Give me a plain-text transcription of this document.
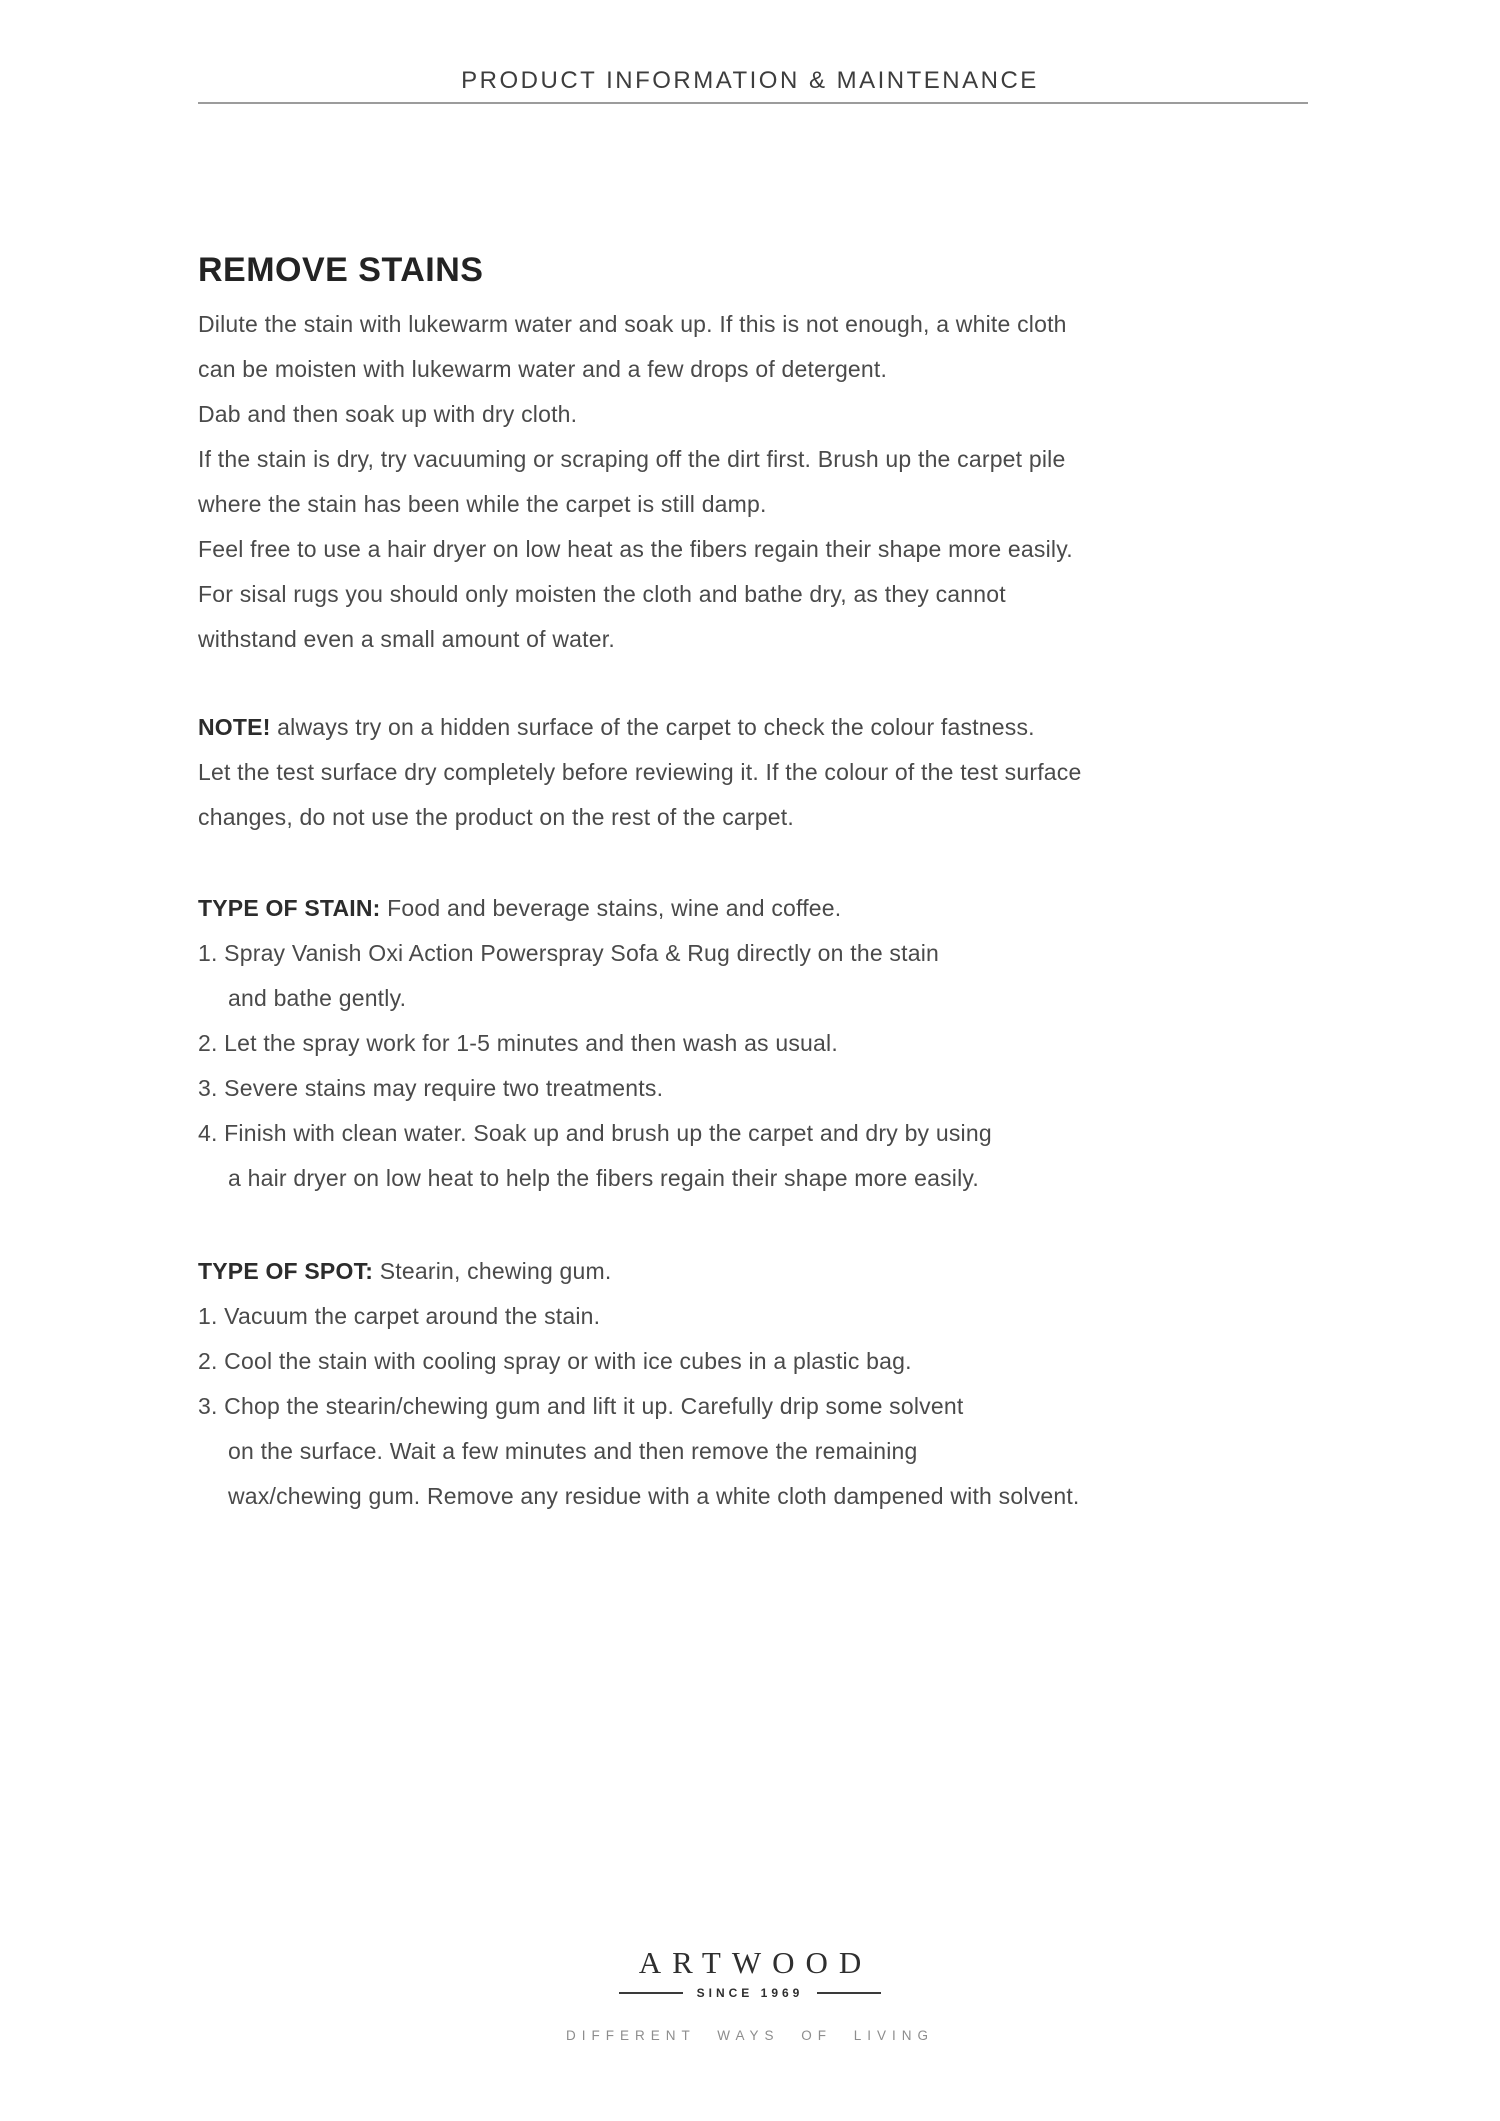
PRODUCT INFORMATION & MAINTENANCE
REMOVE STAINS
Dilute the stain with lukewarm water and soak up. If this is not enough, a white cloth
can be moisten with lukewarm water and a few drops of detergent.
Dab and then soak up with dry cloth.
If the stain is dry, try vacuuming or scraping off the dirt first. Brush up the carpet pile
where the stain has been while the carpet is still damp.
Feel free to use a hair dryer on low heat as the fibers regain their shape more easily.
For sisal rugs you should only moisten the cloth and bathe dry, as they cannot
withstand even a small amount of water.
NOTE! always try on a hidden surface of the carpet to check the colour fastness.
Let the test surface dry completely before reviewing it. If the colour of the test surface
changes, do not use the product on the rest of the carpet.
TYPE OF STAIN: Food and beverage stains, wine and coffee.
1. Spray Vanish Oxi Action Powerspray Sofa & Rug directly on the stain
and bathe gently.
2. Let the spray work for 1-5 minutes and then wash as usual.
3. Severe stains may require two treatments.
4. Finish with clean water. Soak up and brush up the carpet and dry by using
a hair dryer on low heat to help the fibers regain their shape more easily.
TYPE OF SPOT: Stearin, chewing gum.
1. Vacuum the carpet around the stain.
2. Cool the stain with cooling spray or with ice cubes in a plastic bag.
3. Chop the stearin/chewing gum and lift it up. Carefully drip some solvent
on the surface. Wait a few minutes and then remove the remaining
wax/chewing gum. Remove any residue with a white cloth dampened with solvent.
ARTWOOD
SINCE 1969
DIFFERENT WAYS OF LIVING
